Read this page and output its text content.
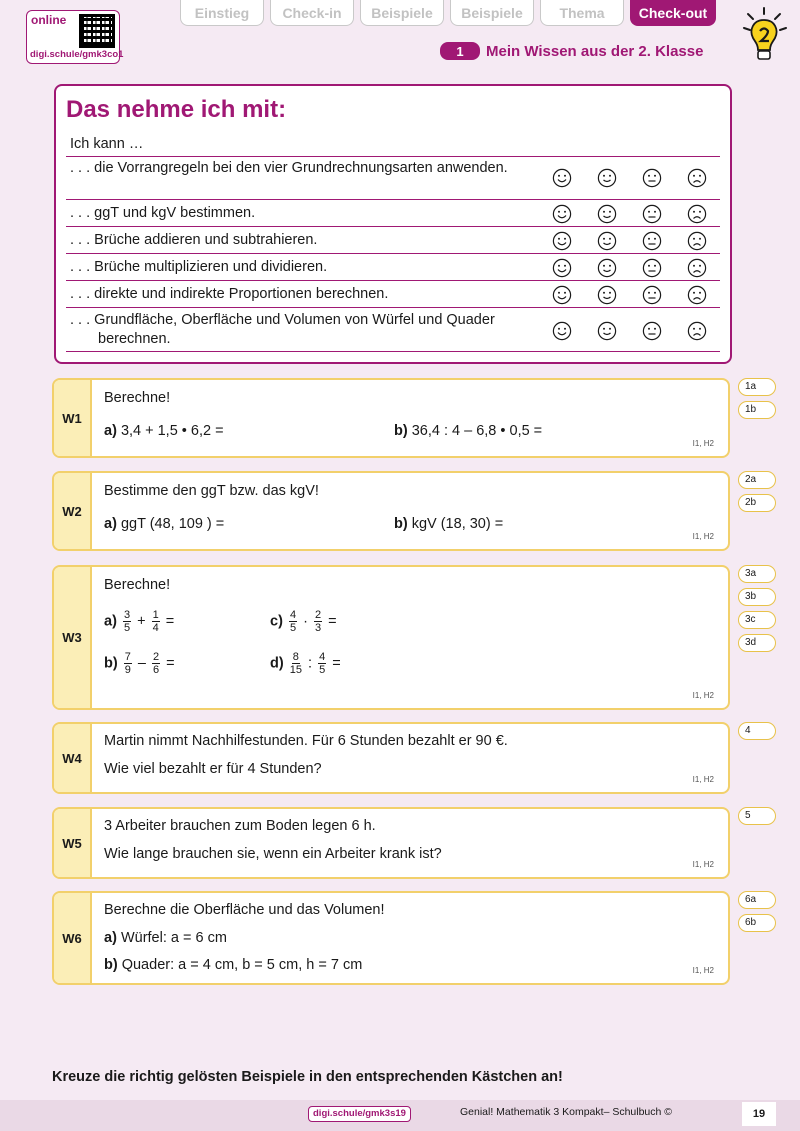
online
digi.schule/gmk3co1
Einstieg	Check-in	Beispiele	Beispiele	Thema	Check-out
1	Mein Wissen aus der 2. Klasse
Das nehme ich mit:
Ich kann …
. . . die Vorrangregeln bei den vier Grundrechnungsarten anwenden.
. . . ggT und kgV bestimmen.
. . . Brüche addieren und subtrahieren.
. . . Brüche multiplizieren und dividieren.
. . . direkte und indirekte Proportionen berechnen.
. . . Grundfläche, Oberfläche und Volumen von Würfel und Quader berechnen.
W1
Berechne!
a) 3,4 + 1,5 • 6,2 =	b) 36,4 : 4 – 6,8 • 0,5 =
I1, H2
1a
1b
W2
Bestimme den ggT bzw. das kgV!
a) ggT (48, 109 ) =	b) kgV (18, 30) =
I1, H2
2a
2b
W3
Berechne!
$a) \frac{3}{5} + \frac{1}{4}$ =	$c) \frac{4}{5} \cdot \frac{2}{3}$ =
$b) \frac{7}{9} - \frac{2}{6}$ =	$d) \frac{8}{15}$ : $\frac{4}{5}$ =
I1, H2
3a
3b
3c
3d
W4
Martin nimmt Nachhilfestunden. Für 6 Stunden bezahlt er 90 €.
Wie viel bezahlt er für 4 Stunden?
I1, H2
4
W5
3 Arbeiter brauchen zum Boden legen 6 h.
Wie lange brauchen sie, wenn ein Arbeiter krank ist?
I1, H2
5
W6
Berechne die Oberfläche und das Volumen!
a) Würfel: a = 6 cm
b) Quader: a = 4 cm, b = 5 cm, h = 7 cm	I1, H2
6a
6b
Kreuze die richtig gelösten Beispiele in den entsprechenden Kästchen an!
digi.schule/gmk3s19	Genial! Mathematik 3 Kompakt– Schulbuch ©	19
